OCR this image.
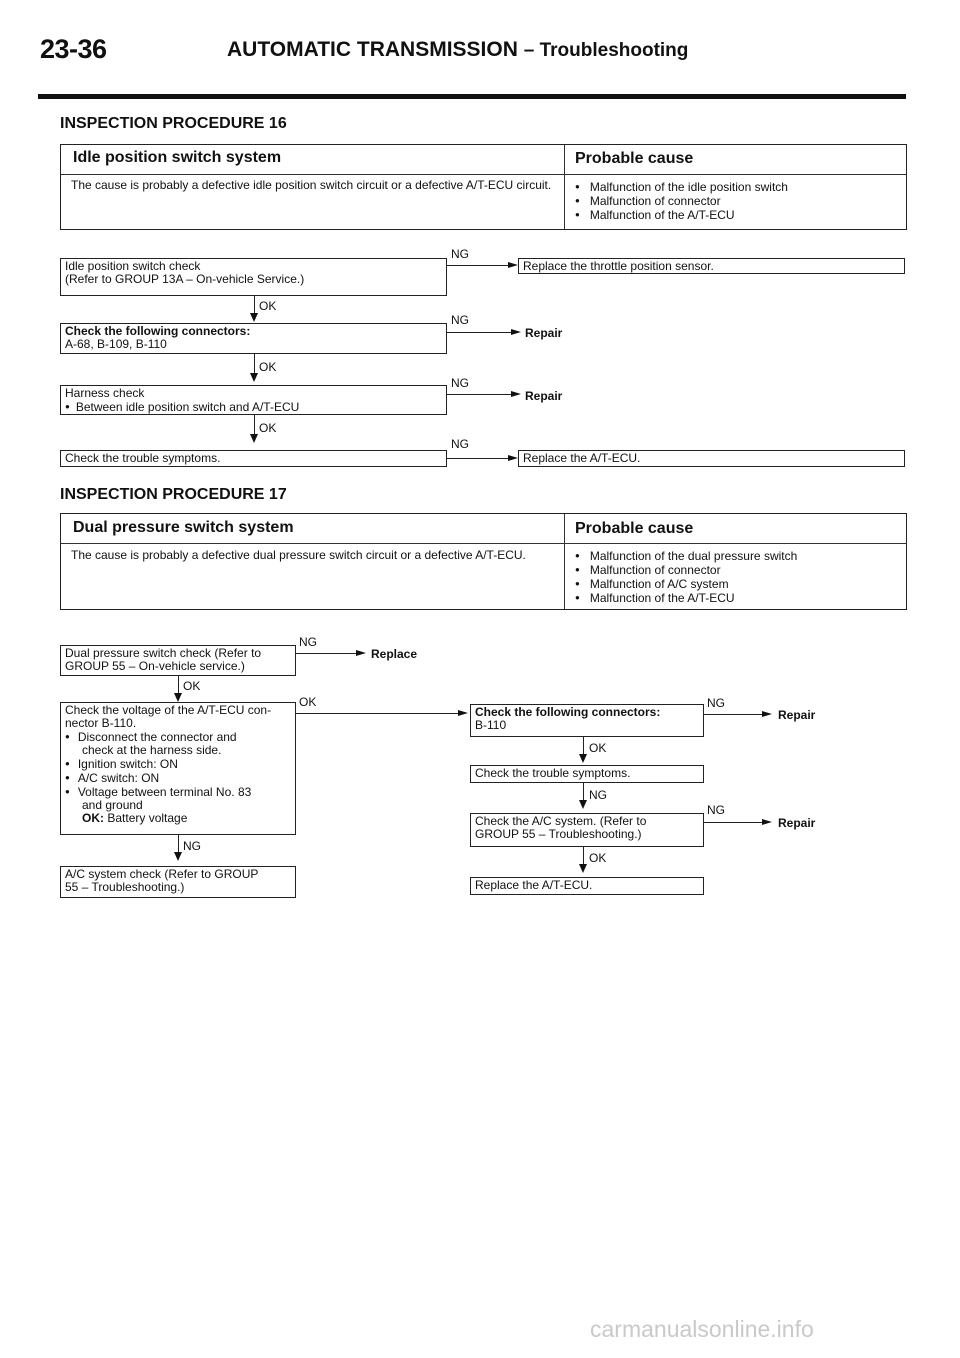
23-36	AUTOMATIC TRANSMISSION – Troubleshooting
INSPECTION PROCEDURE 16
Idle position switch system	Probable cause
The cause is probably a defective idle position switch circuit or a defective A/T-ECU circuit.	● Malfunction of the idle position switch
● Malfunction of connector
● Malfunction of the A/T-ECU
Idle position switch check
(Refer to GROUP 13A – On-vehicle Service.)
NG
Replace the throttle position sensor.
OK
Check the following connectors:
A-68, B-109, B-110
NG
Repair
OK
Harness check
● Between idle position switch and A/T-ECU
NG
Repair
OK
Check the trouble symptoms.
NG
Replace the A/T-ECU.
INSPECTION PROCEDURE 17
Dual pressure switch system	Probable cause
The cause is probably a defective dual pressure switch circuit or a defective A/T-ECU.	● Malfunction of the dual pressure switch
● Malfunction of connector
● Malfunction of A/C system
● Malfunction of the A/T-ECU
Dual pressure switch check (Refer to
GROUP 55 – On-vehicle service.)
NG
Replace
OK
Check the voltage of the A/T-ECU con-
nector B-110.
● Disconnect the connector and
check at the harness side.
● Ignition switch: ON
● A/C switch: ON
● Voltage between terminal No. 83
and ground
OK: Battery voltage
OK
NG
A/C system check (Refer to GROUP
55 – Troubleshooting.)
Check the following connectors:
B-110
NG
Repair
OK
Check the trouble symptoms.
NG
Check the A/C system. (Refer to
GROUP 55 – Troubleshooting.)
NG
Repair
OK
Replace the A/T-ECU.
carmanualsonline.info
